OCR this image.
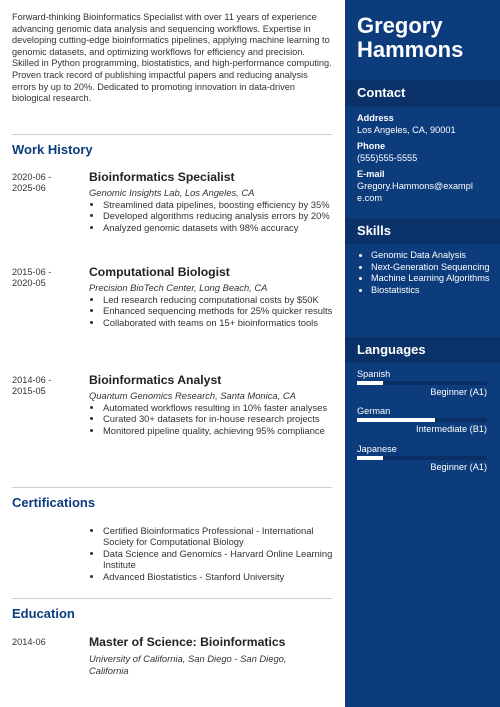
Forward-thinking Bioinformatics Specialist with over 11 years of experience advancing genomic data analysis and sequencing workflows. Expertise in developing cutting-edge bioinformatics pipelines, applying machine learning to genomic datasets, and optimizing workflows for efficiency and precision. Skilled in Python programming, biostatistics, and high-performance computing. Proven track record of publishing impactful papers and reducing analysis errors by up to 20%. Dedicated to promoting innovation in data-driven biological research.
Work History
2020-06 - 2025-06
Bioinformatics Specialist
Genomic Insights Lab, Los Angeles, CA
• Streamlined data pipelines, boosting efficiency by 35%
• Developed algorithms reducing analysis errors by 20%
• Analyzed genomic datasets with 98% accuracy
2015-06 - 2020-05
Computational Biologist
Precision BioTech Center, Long Beach, CA
• Led research reducing computational costs by $50K
• Enhanced sequencing methods for 25% quicker results
• Collaborated with teams on 15+ bioinformatics tools
2014-06 - 2015-05
Bioinformatics Analyst
Quantum Genomics Research, Santa Monica, CA
• Automated workflows resulting in 10% faster analyses
• Curated 30+ datasets for in-house research projects
• Monitored pipeline quality, achieving 95% compliance
Certifications
• Certified Bioinformatics Professional - International Society for Computational Biology
• Data Science and Genomics - Harvard Online Learning Institute
• Advanced Biostatistics - Stanford University
Education
2014-06	Master of Science: Bioinformatics
University of California, San Diego - San Diego, California
Gregory
Hammons
Contact
Address
Los Angeles, CA, 90001
Phone
(555)555-5555
E-mail
Gregory.Hammons@exampl
e.com
Skills
• Genomic Data Analysis
• Next-Generation Sequencing
• Machine Learning Algorithms
• Biostatistics
Languages
Spanish
Beginner (A1)
German
Intermediate (B1)
Japanese
Beginner (A1)
